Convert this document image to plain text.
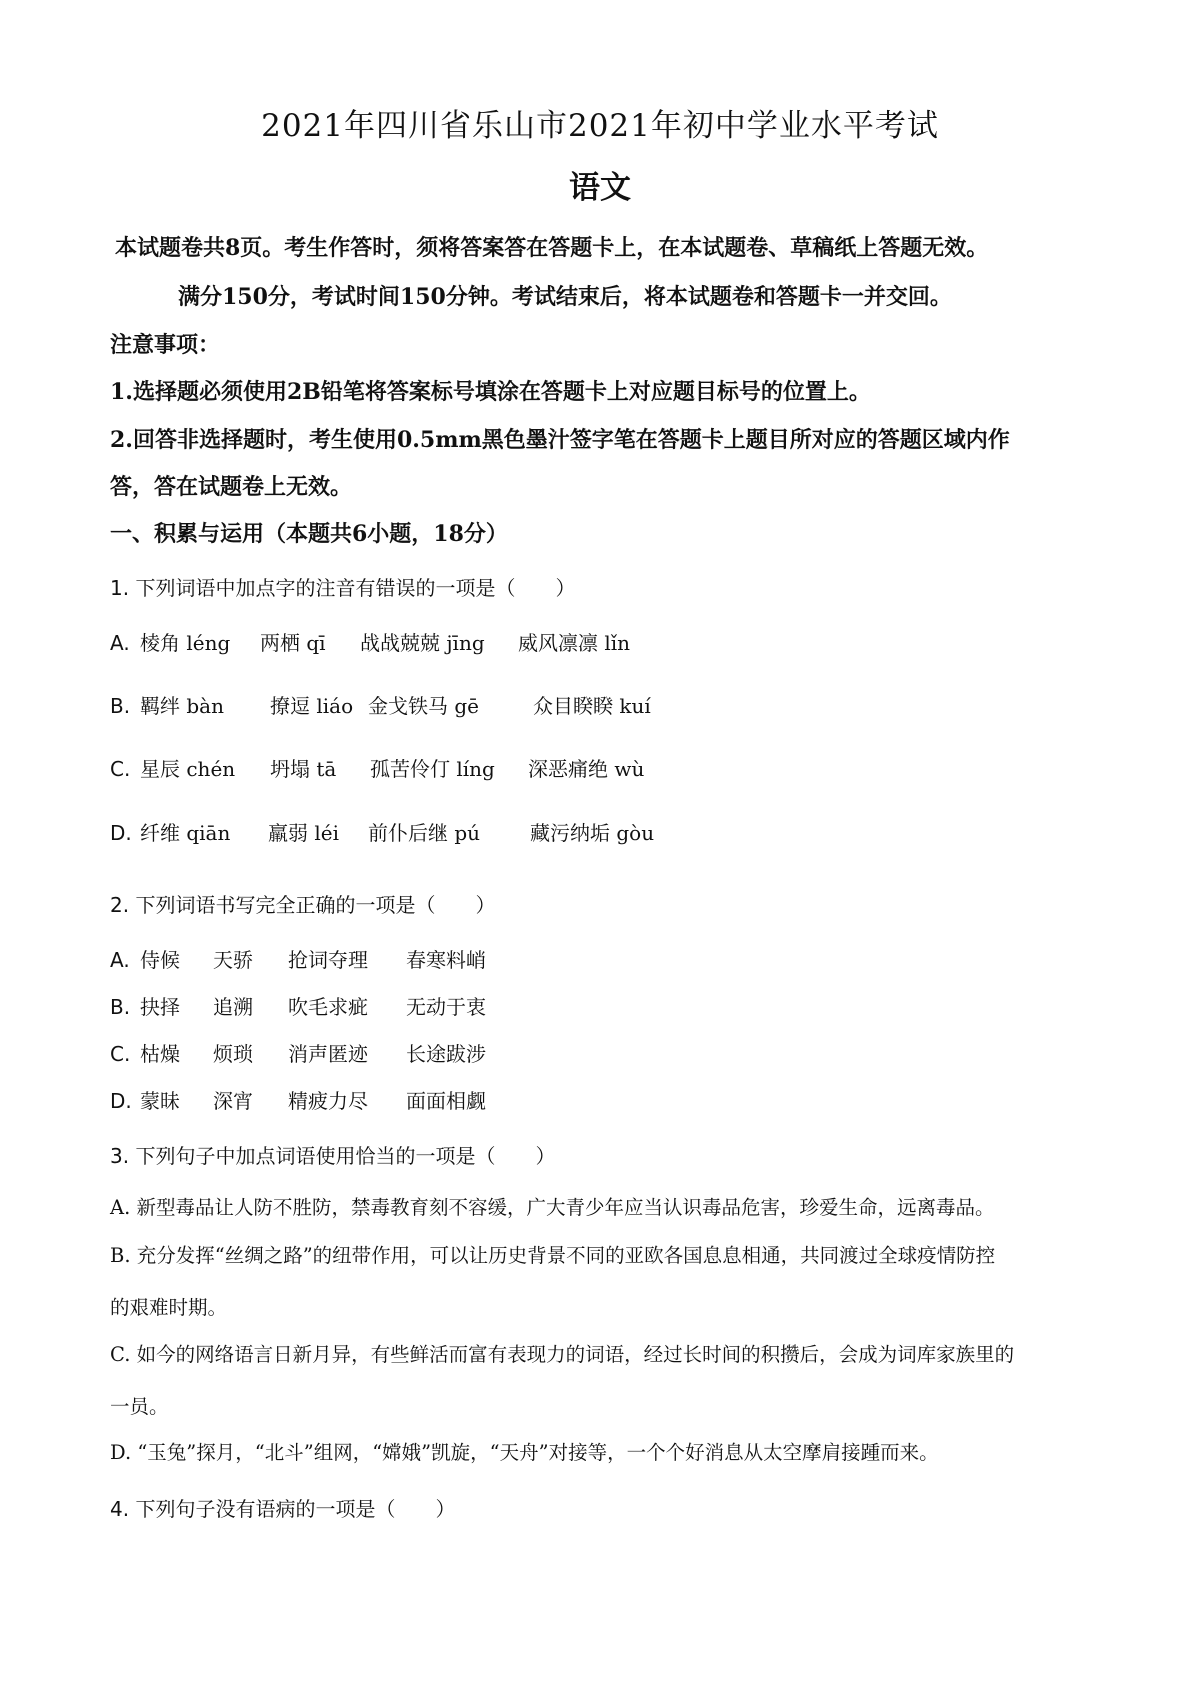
2021年四川省乐山市2021年初中学业水平考试
语文
本试题卷共8页。考生作答时，须将答案答在答题卡上，在本试题卷、草稿纸上答题无效。
满分150分，考试时间150分钟。考试结束后，将本试题卷和答题卡一并交回。
注意事项：
1.选择题必须使用2B铅笔将答案标号填涂在答题卡上对应题目标号的位置上。
2.回答非选择题时，考生使用0.5mm黑色墨汁签字笔在答题卡上题目所对应的答题区域内作
答，答在试题卷上无效。
一、积累与运用（本题共6小题，18分）
1. 下列词语中加点字的注音有错误的一项是（　　）
A. 棱角 léng 两栖 qī 战战兢兢 jīng 威风凛凛 lǐn
B. 羁绊 bàn 撩逗 liáo 金戈铁马 gē	众目睽睽 kuí
C. 星辰 chén 坍塌 tā 孤苦伶仃 líng 深恶痛绝 wù
D. 纤维 qiān 羸弱 léi 前仆后继 pú 藏污纳垢 gòu
2. 下列词语书写完全正确的一项是（　　）
A. 侍候 天骄 抢词夺理 春寒料峭
B. 抉择 追溯 吹毛求疵 无动于衷
C. 枯燥 烦琐 消声匿迹 长途跋涉
D. 蒙昧 深宵 精疲力尽 面面相觑
3. 下列句子中加点词语使用恰当的一项是（　　）
A. 新型毒品让人防不胜防，禁毒教育刻不容缓，广大青少年应当认识毒品危害，珍爱生命，远离毒品。
B. 充分发挥“丝绸之路”的纽带作用，可以让历史背景不同的亚欧各国息息相通，共同渡过全球疫情防控
的艰难时期。
C. 如今的网络语言日新月异，有些鲜活而富有表现力的词语，经过长时间的积攒后，会成为词库家族里的
一员。
D. “玉兔”探月，“北斗”组网，“嫦娥”凯旋，“天舟”对接等，一个个好消息从太空摩肩接踵而来。
4. 下列句子没有语病的一项是（　　）
